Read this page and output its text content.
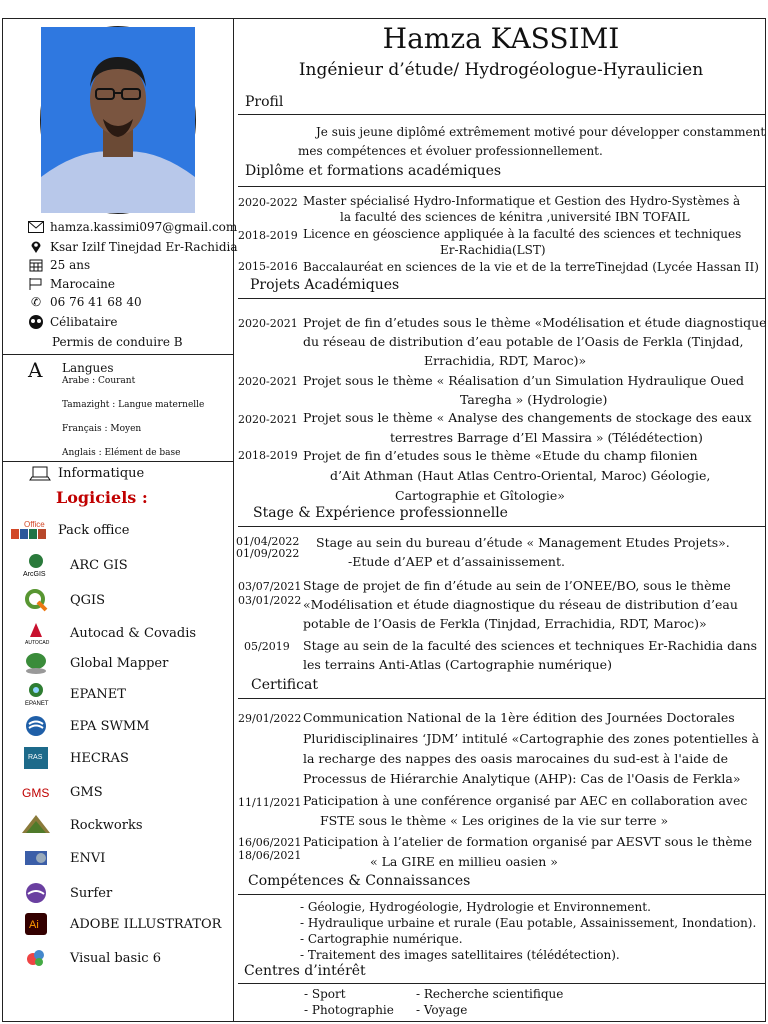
hamza.kassimi097@gmail.com
Ksar Izilf Tinejdad Er-Rachidia
25 ans
Marocaine
✆ 06 76 41 68 40
Célibataire
Permis de conduire B
A Langues
Arabe : Courant
Tamazight : Langue maternelle
Français : Moyen
Anglais : Elément de base
Informatique
Logiciels :
Office Pack office
ArcGIS
ARC GIS
QGIS
AUTOCAD
Autocad & Covadis
Global Mapper
EPANET
EPANET
EPA SWMM
RAS HECRAS
GMS GMS
Rockworks
ENVI
Surfer
Ai ADOBE ILLUSTRATOR
Visual basic 6
Hamza KASSIMI
Ingénieur d’étude/ Hydrogéologue-Hyraulicien
Profil
Je suis jeune diplômé extrêmement motivé pour développer constamment
mes compétences et évoluer professionnellement.
Diplôme et formations académiques
2020-2022 Master spécialisé Hydro-Informatique et Gestion des Hydro-Systèmes à
la faculté des sciences de kénitra ,université IBN TOFAIL
2018-2019 Licence en géoscience appliquée à la faculté des sciences et techniques
Er-Rachidia(LST)
2015-2016 Baccalauréat en sciences de la vie et de la terreTinejdad (Lycée Hassan II)
Projets Académiques
2020-2021 Projet de fin d’etudes sous le thème «Modélisation et étude diagnostique
du réseau de distribution d’eau potable de l’Oasis de Ferkla (Tinjdad,
Errachidia, RDT, Maroc)»
2020-2021 Projet sous le thème « Réalisation d’un Simulation Hydraulique Oued
Taregha » (Hydrologie)
2020-2021 Projet sous le thème « Analyse des changements de stockage des eaux
terrestres Barrage d’El Massira » (Télédétection)
2018-2019 Projet de fin d’etudes sous le thème «Etude du champ filonien
d’Ait Athman (Haut Atlas Centro-Oriental, Maroc) Géologie,
Cartographie et Gîtologie»
Stage & Expérience professionnelle
01/04/2022
01/09/2022
Stage au sein du bureau d’étude « Management Etudes Projets».
-Etude d’AEP et d’assainissement.
03/07/2021
03/01/2022
Stage de projet de fin d’étude au sein de l’ONEE/BO, sous le thème
«Modélisation et étude diagnostique du réseau de distribution d’eau
potable de l’Oasis de Ferkla (Tinjdad, Errachidia, RDT, Maroc)»
05/2019 Stage au sein de la faculté des sciences et techniques Er-Rachidia dans
les terrains Anti-Atlas (Cartographie numérique)
Certificat
29/01/2022 Communication National de la 1ère édition des Journées Doctorales
Pluridisciplinaires ‘JDM’ intitulé «Cartographie des zones potentielles à
la recharge des nappes des oasis marocaines du sud-est à l'aide de
Processus de Hiérarchie Analytique (AHP): Cas de l'Oasis de Ferkla»
11/11/2021 Paticipation à une conférence organisé par AEC en collaboration avec
FSTE sous le thème « Les origines de la vie sur terre »
16/06/2021
18/06/2021
Paticipation à l’atelier de formation organisé par AESVT sous le thème
« La GIRE en millieu oasien »
Compétences & Connaissances
- Géologie, Hydrogéologie, Hydrologie et Environnement.
- Hydraulique urbaine et rurale (Eau potable, Assainissement, Inondation).
- Cartographie numérique.
- Traitement des images satellitaires (télédétection).
Centres d’intérêt
- Sport	- Recherche scientifique
- Photographie - Voyage
